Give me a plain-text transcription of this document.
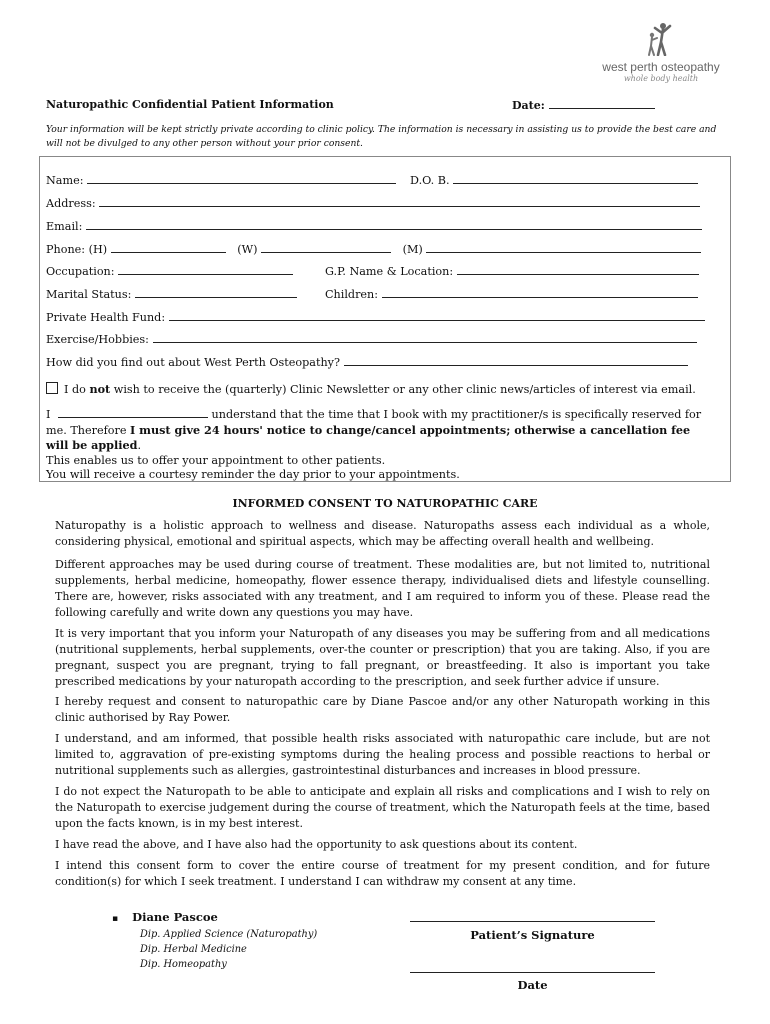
west perth osteopathy
whole body health
Naturopathic Confidential Patient Information	Date:
Your information will be kept strictly private according to clinic policy. The information is necessary in assisting us to provide the best care and will not be divulged to any other person without your prior consent.
Name:	D.O. B.
Address:
Email:
Phone: (H)	(W)	(M)
Occupation:	G.P. Name & Location:
Marital Status:	Children:
Private Health Fund:
Exercise/Hobbies:
How did you find out about West Perth Osteopathy?
I do not wish to receive the (quarterly) Clinic Newsletter or any other clinic news/articles of interest via email.
I	understand that the time that I book with my practitioner/s is specifically reserved for me. Therefore I must give 24 hours' notice to change/cancel appointments; otherwise a cancellation fee will be applied.
This enables us to offer your appointment to other patients.
You will receive a courtesy reminder the day prior to your appointments.
INFORMED CONSENT TO NATUROPATHIC CARE
Naturopathy is a holistic approach to wellness and disease. Naturopaths assess each individual as a whole, considering physical, emotional and spiritual aspects, which may be affecting overall health and wellbeing.
Different approaches may be used during course of treatment. These modalities are, but not limited to, nutritional supplements, herbal medicine, homeopathy, flower essence therapy, individualised diets and lifestyle counselling. There are, however, risks associated with any treatment, and I am required to inform you of these. Please read the following carefully and write down any questions you may have.
It is very important that you inform your Naturopath of any diseases you may be suffering from and all medications (nutritional supplements, herbal supplements, over-the counter or prescription) that you are taking. Also, if you are pregnant, suspect you are pregnant, trying to fall pregnant, or breastfeeding. It also is important you take prescribed medications by your naturopath according to the prescription, and seek further advice if unsure.
I hereby request and consent to naturopathic care by Diane Pascoe and/or any other Naturopath working in this clinic authorised by Ray Power.
I understand, and am informed, that possible health risks associated with naturopathic care include, but are not limited to, aggravation of pre-existing symptoms during the healing process and possible reactions to herbal or nutritional supplements such as allergies, gastrointestinal disturbances and increases in blood pressure.
I do not expect the Naturopath to be able to anticipate and explain all risks and complications and I wish to rely on the Naturopath to exercise judgement during the course of treatment, which the Naturopath feels at the time, based upon the facts known, is in my best interest.
I have read the above, and I have also had the opportunity to ask questions about its content.
I intend this consent form to cover the entire course of treatment for my present condition, and for future condition(s) for which I seek treatment. I understand I can withdraw my consent at any time.
▪ Diane Pascoe
Dip. Applied Science (Naturopathy)
Dip. Herbal Medicine
Dip. Homeopathy
Patient’s Signature
Date
